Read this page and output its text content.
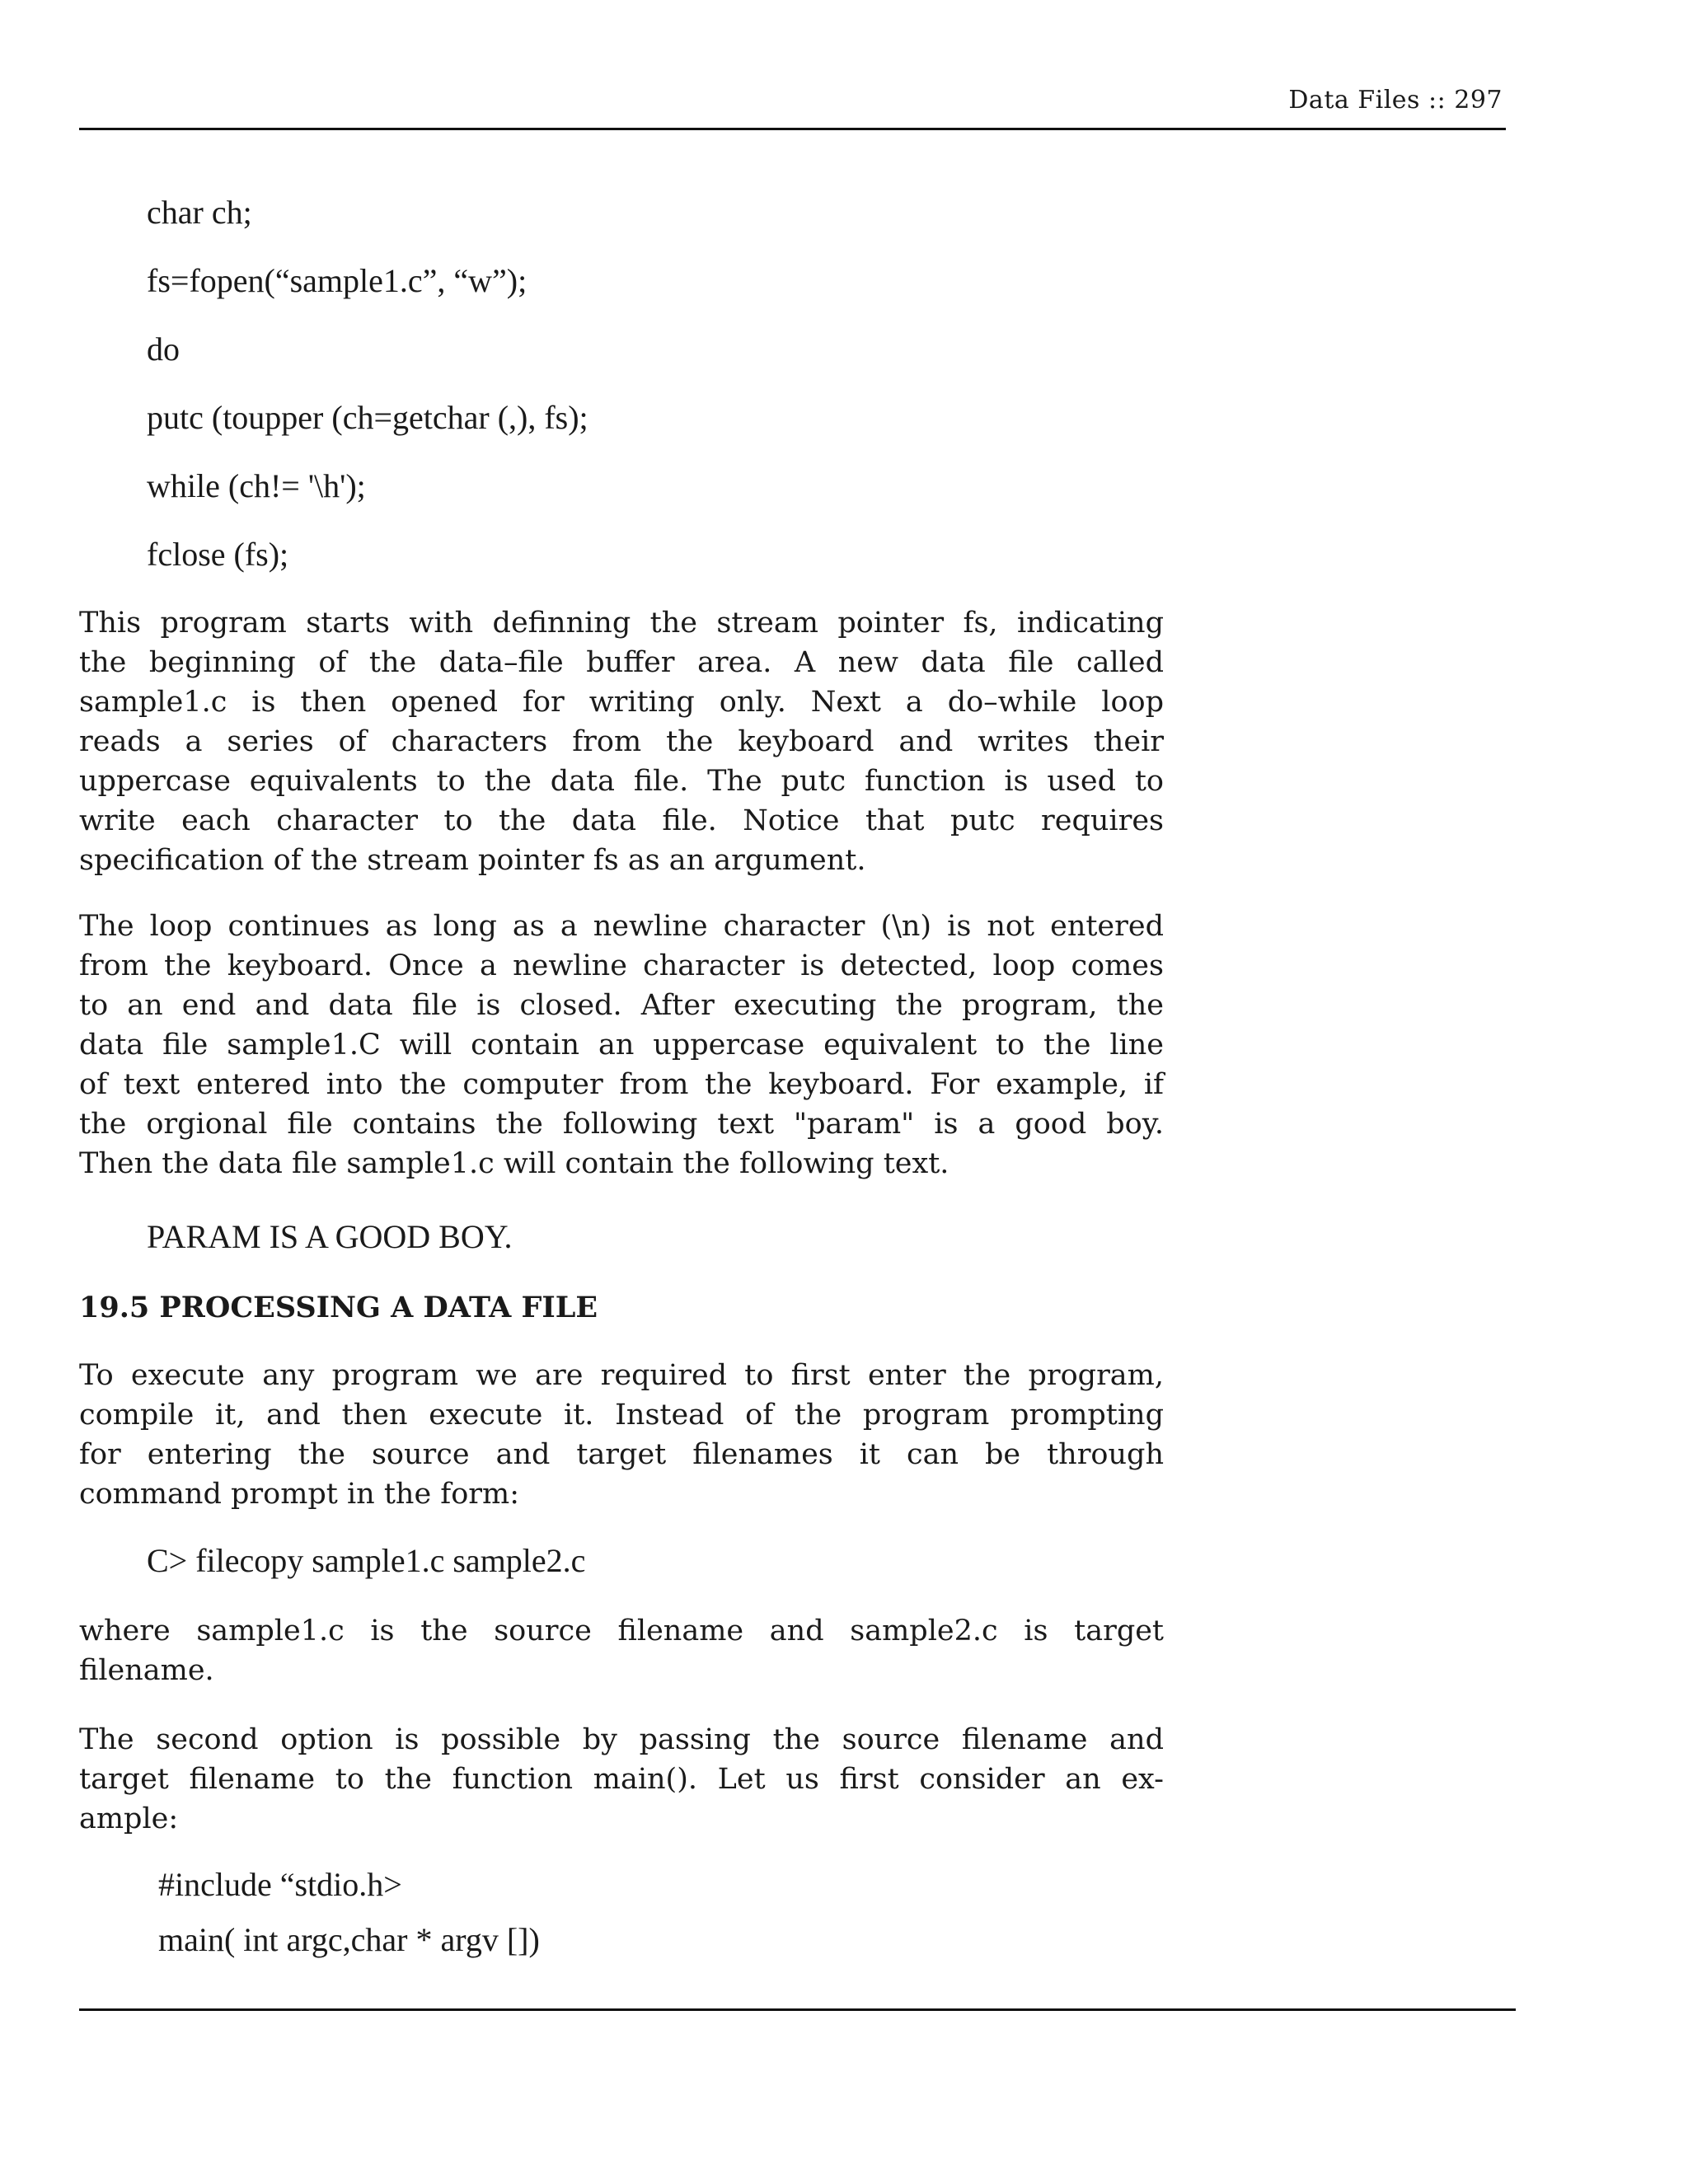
Data Files :: 297
char ch;
fs=fopen(“sample1.c”, “w”);
do
putc (toupper (ch=getchar (,), fs);
while (ch!= '\h');
fclose (fs);
This program starts with definning the stream pointer fs, indicating
the beginning of the data–file buffer area. A new data file called
sample1.c is then opened for writing only. Next a do–while loop
reads a series of characters from the keyboard and writes their
uppercase equivalents to the data file. The putc function is used to
write each character to the data file. Notice that putc requires
specification of the stream pointer fs as an argument.
The loop continues as long as a newline character (\n) is not entered
from the keyboard. Once a newline character is detected, loop comes
to an end and data file is closed. After executing the program, the
data file sample1.C will contain an uppercase equivalent to the line
of text entered into the computer from the keyboard. For example, if
the orgional file contains the following text "param" is a good boy.
Then the data file sample1.c will contain the following text.
PARAM IS A GOOD BOY.
19.5 PROCESSING A DATA FILE
To execute any program we are required to first enter the program,
compile it, and then execute it. Instead of the program prompting
for entering the source and target filenames it can be through
command prompt in the form:
C> filecopy sample1.c sample2.c
where sample1.c is the source filename and sample2.c is target
filename.
The second option is possible by passing the source filename and
target filename to the function main(). Let us first consider an ex-
ample:
#include “stdio.h>
main( int argc,char * argv [])
